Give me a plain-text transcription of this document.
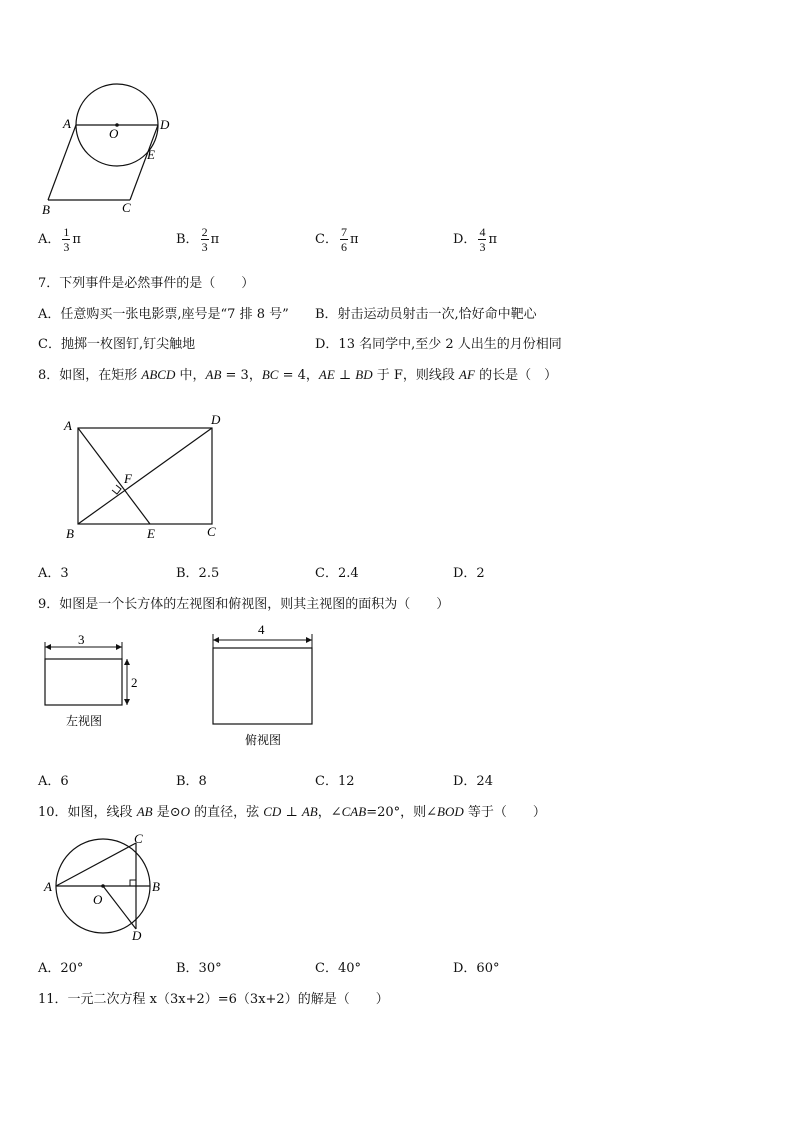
A
O
D
E
B	C
A． $\frac{1}{3}$ π	B． $\frac{2}{3}$ π	C． $\frac{7}{6}$ π	D． $\frac{4}{3}$ π
7．下列事件是必然事件的是（　　）
A．任意购买一张电影票,座号是“7 排 8 号” B．射击运动员射击一次,恰好命中靶心
C．抛掷一枚图钉,钉尖触地	D．13 名同学中,至少 2 人出生的月份相同
8．如图，在矩形 ABCD 中，AB = 3，BC = 4，AE ⊥ BD 于 F，则线段 AF 的长是（　）
A	D
F
B	E	C
A．3	B．2.5	C．2.4	D．2
9．如图是一个长方体的左视图和俯视图，则其主视图的面积为（　　）
3
2
左视图
4
俯视图
A．6	B．8	C．12	D．24
10．如图，线段 AB 是⊙O 的直径，弦 CD ⊥ AB，∠CAB=20°，则∠BOD 等于（　　）
A	B
C
D
O
A．20°	B．30°	C．40°	D．60°
11．一元二次方程 x（3x+2）=6（3x+2）的解是（　　）
